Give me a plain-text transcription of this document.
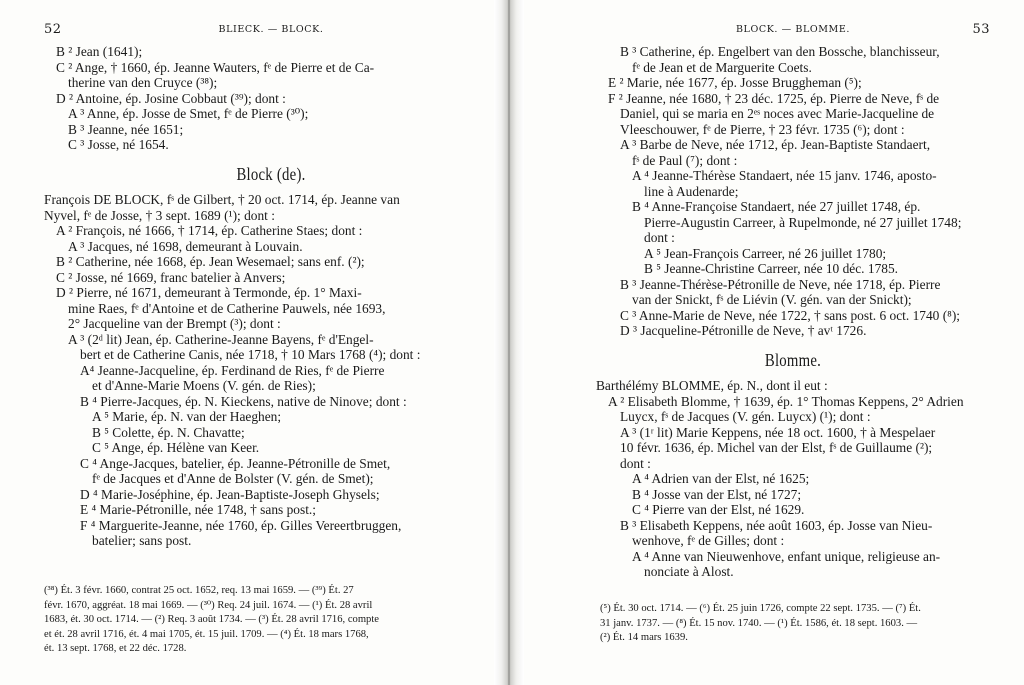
52	BLIECK. — BLOCK.
B ² Jean (1641);
C ² Ange, † 1660, ép. Jeanne Wauters, fᵉ de Pierre et de Ca-
therine van den Cruyce (³⁸);
D ² Antoine, ép. Josine Cobbaut (³⁹); dont :
A ³ Anne, ép. Josse de Smet, fᵉ de Pierre (³⁰);
B ³ Jeanne, née 1651;
C ³ Josse, né 1654.
Block (de).
François DE BLOCK, fˢ de Gilbert, † 20 oct. 1714, ép. Jeanne van
Nyvel, fᵉ de Josse, † 3 sept. 1689 (¹); dont :
A ² François, né 1666, † 1714, ép. Catherine Staes; dont :
A ³ Jacques, né 1698, demeurant à Louvain.
B ² Catherine, née 1668, ép. Jean Wesemael; sans enf. (²);
C ² Josse, né 1669, franc batelier à Anvers;
D ² Pierre, né 1671, demeurant à Termonde, ép. 1° Maxi-
mine Raes, fᵉ d'Antoine et de Catherine Pauwels, née 1693,
2° Jacqueline van der Brempt (³); dont :
A ³ (2ᵈ lit) Jean, ép. Catherine-Jeanne Bayens, fᵉ d'Engel-
bert et de Catherine Canis, née 1718, † 10 Mars 1768 (⁴); dont :
A⁴ Jeanne-Jacqueline, ép. Ferdinand de Ries, fᵉ de Pierre
et d'Anne-Marie Moens (V. gén. de Ries);
B ⁴ Pierre-Jacques, ép. N. Kieckens, native de Ninove; dont :
A ⁵ Marie, ép. N. van der Haeghen;
B ⁵ Colette, ép. N. Chavatte;
C ⁵ Ange, ép. Hélène van Keer.
C ⁴ Ange-Jacques, batelier, ép. Jeanne-Pétronille de Smet,
fᵉ de Jacques et d'Anne de Bolster (V. gén. de Smet);
D ⁴ Marie-Joséphine, ép. Jean-Baptiste-Joseph Ghysels;
E ⁴ Marie-Pétronille, née 1748, † sans post.;
F ⁴ Marguerite-Jeanne, née 1760, ép. Gilles Vereertbruggen,
batelier; sans post.
(³⁸) Ét. 3 févr. 1660, contrat 25 oct. 1652, req. 13 mai 1659. — (³⁹) Ét. 27
févr. 1670, aggréat. 18 mai 1669. — (³⁰) Req. 24 juil. 1674. — (¹) Ét. 28 avril
1683, ét. 30 oct. 1714. — (²) Req. 3 août 1734. — (³) Ét. 28 avril 1716, compte
et ét. 28 avril 1716, ét. 4 mai 1705, ét. 15 juil. 1709. — (⁴) Ét. 18 mars 1768,
ét. 13 sept. 1768, et 22 déc. 1728.
BLOCK. — BLOMME.	53
B ³ Catherine, ép. Engelbert van den Bossche, blanchisseur,
fᵉ de Jean et de Marguerite Coets.
E ² Marie, née 1677, ép. Josse Bruggheman (⁵);
F ² Jeanne, née 1680, † 23 déc. 1725, ép. Pierre de Neve, fˢ de
Daniel, qui se maria en 2ᵉˢ noces avec Marie-Jacqueline de
Vleeschouwer, fᵉ de Pierre, † 23 févr. 1735 (⁶); dont :
A ³ Barbe de Neve, née 1712, ép. Jean-Baptiste Standaert,
fˢ de Paul (⁷); dont :
A ⁴ Jeanne-Thérèse Standaert, née 15 janv. 1746, aposto-
line à Audenarde;
B ⁴ Anne-Françoise Standaert, née 27 juillet 1748, ép.
Pierre-Augustin Carreer, à Rupelmonde, né 27 juillet 1748;
dont :
A ⁵ Jean-François Carreer, né 26 juillet 1780;
B ⁵ Jeanne-Christine Carreer, née 10 déc. 1785.
B ³ Jeanne-Thérèse-Pétronille de Neve, née 1718, ép. Pierre
van der Snickt, fˢ de Liévin (V. gén. van der Snickt);
C ³ Anne-Marie de Neve, née 1722, † sans post. 6 oct. 1740 (⁸);
D ³ Jacqueline-Pétronille de Neve, † avᵗ 1726.
Blomme.
Barthélémy BLOMME, ép. N., dont il eut :
A ² Elisabeth Blomme, † 1639, ép. 1° Thomas Keppens, 2° Adrien
Luycx, fˢ de Jacques (V. gén. Luycx) (¹); dont :
A ³ (1ʳ lit) Marie Keppens, née 18 oct. 1600, † à Mespelaer
10 févr. 1636, ép. Michel van der Elst, fˢ de Guillaume (²);
dont :
A ⁴ Adrien van der Elst, né 1625;
B ⁴ Josse van der Elst, né 1727;
C ⁴ Pierre van der Elst, né 1629.
B ³ Elisabeth Keppens, née août 1603, ép. Josse van Nieu-
wenhove, fᵉ de Gilles; dont :
A ⁴ Anne van Nieuwenhove, enfant unique, religieuse an-
nonciate à Alost.
(⁵) Ét. 30 oct. 1714. — (⁶) Ét. 25 juin 1726, compte 22 sept. 1735. — (⁷) Ét.
31 janv. 1737. — (⁸) Ét. 15 nov. 1740. — (¹) Ét. 1586, ét. 18 sept. 1603. —
(²) Ét. 14 mars 1639.
